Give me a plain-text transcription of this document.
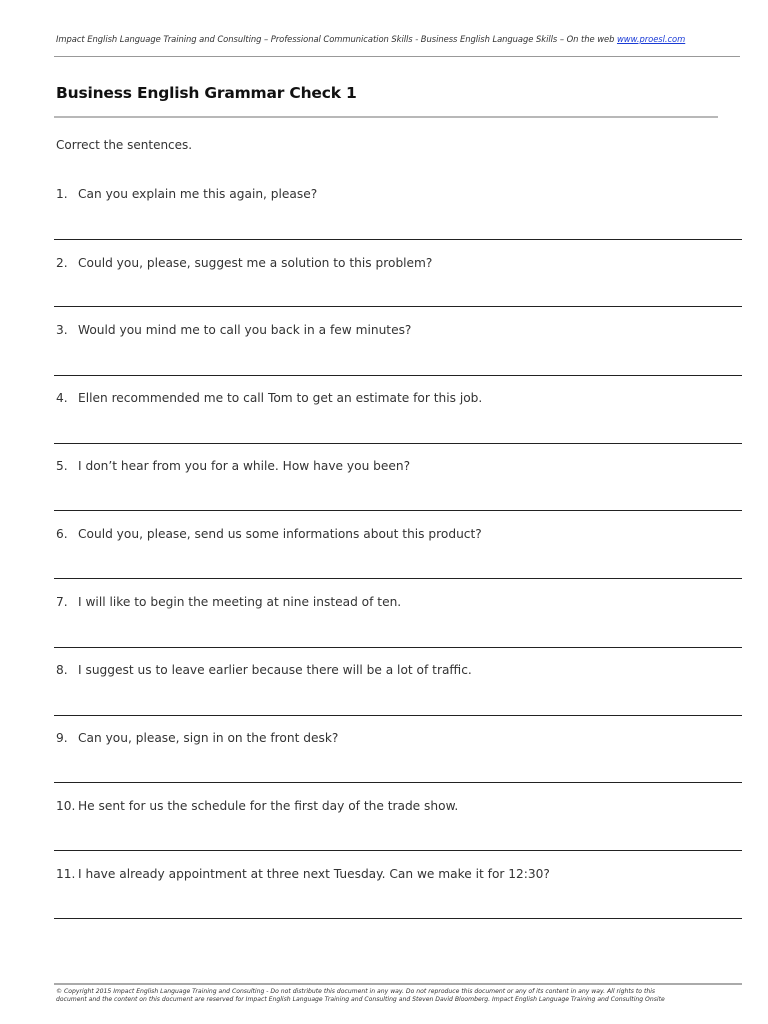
Impact English Language Training and Consulting – Professional Communication Skills - Business English Language Skills – On the web www.proesl.com
Business English Grammar Check 1
Correct the sentences.
1. Can you explain me this again, please?
2. Could you, please, suggest me a solution to this problem?
3. Would you mind me to call you back in a few minutes?
4. Ellen recommended me to call Tom to get an estimate for this job.
5. I don’t hear from you for a while. How have you been?
6. Could you, please, send us some informations about this product?
7. I will like to begin the meeting at nine instead of ten.
8. I suggest us to leave earlier because there will be a lot of traffic.
9. Can you, please, sign in on the front desk?
10. He sent for us the schedule for the first day of the trade show.
11. I have already appointment at three next Tuesday. Can we make it for 12:30?
© Copyright 2015 Impact English Language Training and Consulting - Do not distribute this document in any way. Do not reproduce this document or any of its content in any way. All rights to this
document and the content on this document are reserved for Impact English Language Training and Consulting and Steven David Bloomberg. Impact English Language Training and Consulting Onsite
